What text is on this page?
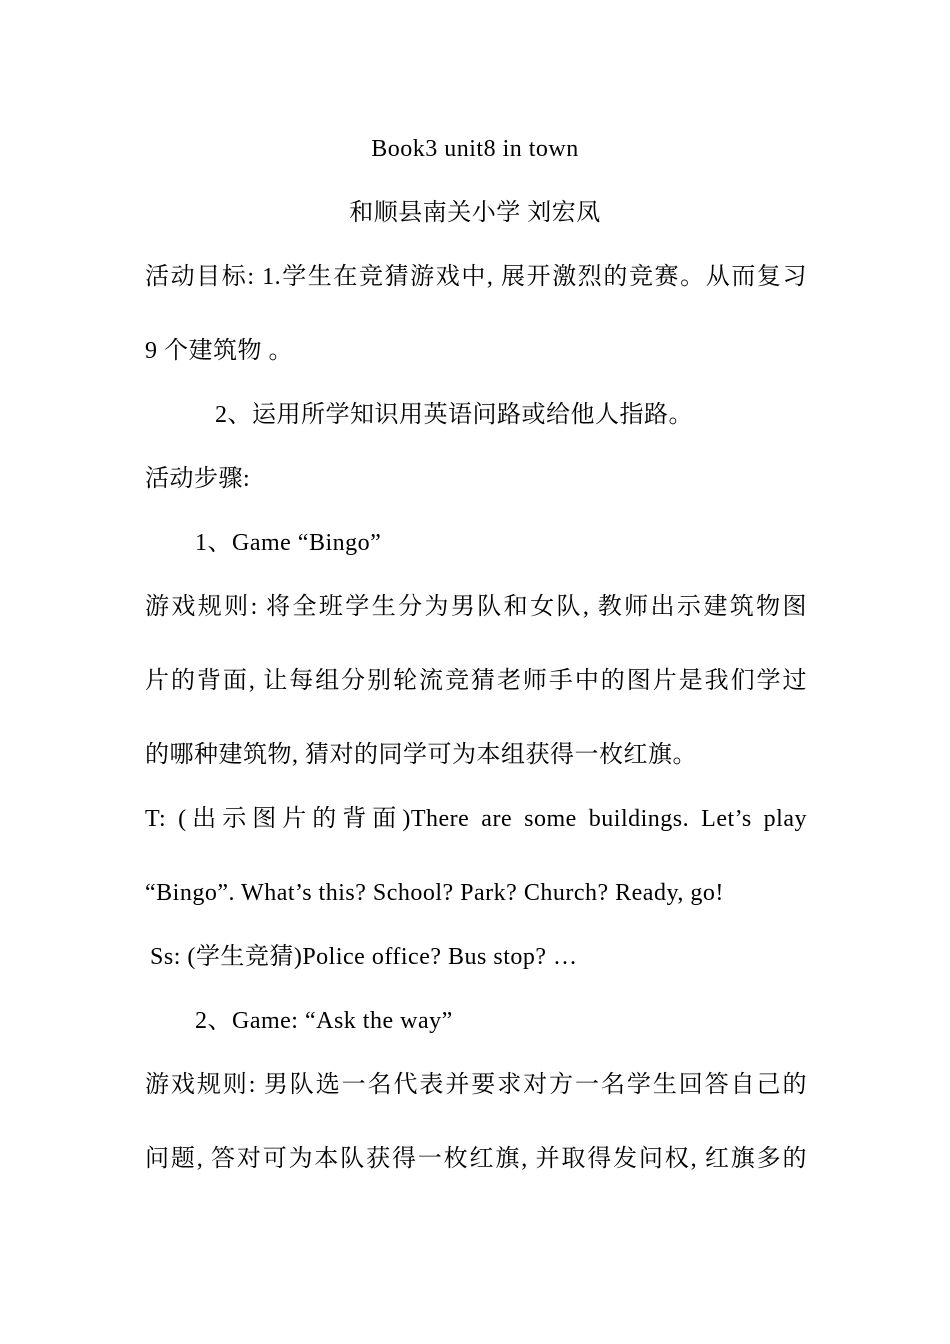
Book3 unit8 in town
和顺县南关小学 刘宏凤
活动目标: 1.学生在竞猜游戏中, 展开激烈的竞赛。从而复习
9 个建筑物 。
2、运用所学知识用英语问路或给他人指路。
活动步骤:
1、Game “Bingo”
游戏规则: 将全班学生分为男队和女队, 教师出示建筑物图
片的背面, 让每组分别轮流竞猜老师手中的图片是我们学过
的哪种建筑物, 猜对的同学可为本组获得一枚红旗。
T: (出示图片的背面)There are some buildings. Let’s play
“Bingo”. What’s this? School? Park? Church? Ready, go!
Ss: (学生竞猜)Police office? Bus stop? …
2、Game: “Ask the way”
游戏规则: 男队选一名代表并要求对方一名学生回答自己的
问题, 答对可为本队获得一枚红旗, 并取得发问权, 红旗多的
